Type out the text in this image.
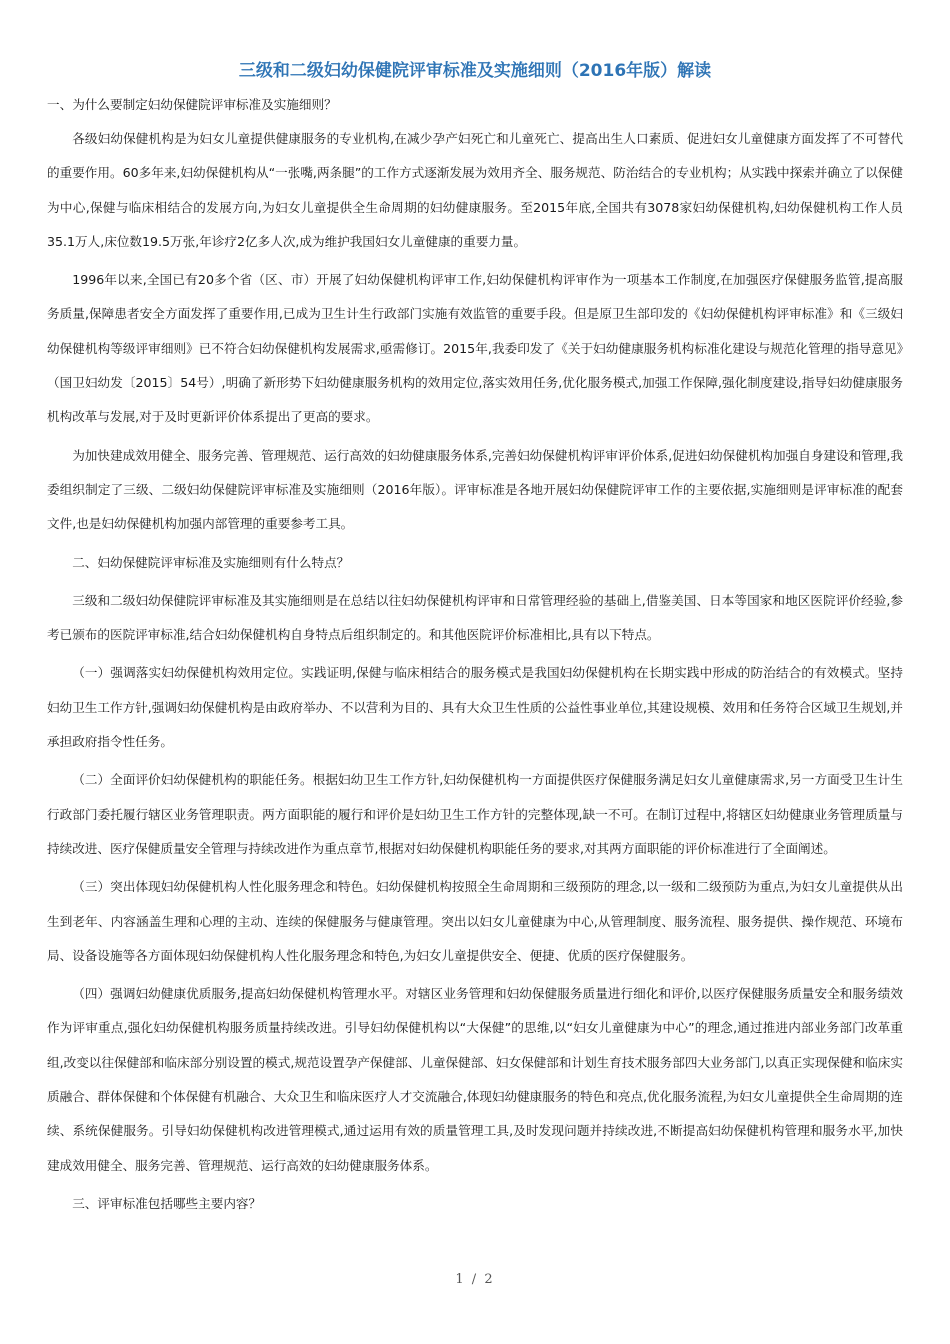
三级和二级妇幼保健院评审标准及实施细则（2016年版）解读

一、为什么要制定妇幼保健院评审标准及实施细则？

各级妇幼保健机构是为妇女儿童提供健康服务的专业机构,在减少孕产妇死亡和儿童死亡、提高出生人口素质、促进妇女儿童健康方面发挥了不可替代的重要作用。60多年来,妇幼保健机构从“一张嘴,两条腿”的工作方式逐渐发展为效用齐全、服务规范、防治结合的专业机构；从实践中探索并确立了以保健为中心,保健与临床相结合的发展方向,为妇女儿童提供全生命周期的妇幼健康服务。至2015年底,全国共有3078家妇幼保健机构,妇幼保健机构工作人员35.1万人,床位数19.5万张,年诊疗2亿多人次,成为维护我国妇女儿童健康的重要力量。

1996年以来,全国已有20多个省（区、市）开展了妇幼保健机构评审工作,妇幼保健机构评审作为一项基本工作制度,在加强医疗保健服务监管,提高服务质量,保障患者安全方面发挥了重要作用,已成为卫生计生行政部门实施有效监管的重要手段。但是原卫生部印发的《妇幼保健机构评审标准》和《三级妇幼保健机构等级评审细则》已不符合妇幼保健机构发展需求,亟需修订。2015年,我委印发了《关于妇幼健康服务机构标准化建设与规范化管理的指导意见》（国卫妇幼发〔2015〕54号）,明确了新形势下妇幼健康服务机构的效用定位,落实效用任务,优化服务模式,加强工作保障,强化制度建设,指导妇幼健康服务机构改革与发展,对于及时更新评价体系提出了更高的要求。

为加快建成效用健全、服务完善、管理规范、运行高效的妇幼健康服务体系,完善妇幼保健机构评审评价体系,促进妇幼保健机构加强自身建设和管理,我委组织制定了三级、二级妇幼保健院评审标准及实施细则（2016年版）。评审标准是各地开展妇幼保健院评审工作的主要依据,实施细则是评审标准的配套文件,也是妇幼保健机构加强内部管理的重要参考工具。

二、妇幼保健院评审标准及实施细则有什么特点？

三级和二级妇幼保健院评审标准及其实施细则是在总结以往妇幼保健机构评审和日常管理经验的基础上,借鉴美国、日本等国家和地区医院评价经验,参考已颁布的医院评审标准,结合妇幼保健机构自身特点后组织制定的。和其他医院评价标准相比,具有以下特点。

（一）强调落实妇幼保健机构效用定位。实践证明,保健与临床相结合的服务模式是我国妇幼保健机构在长期实践中形成的防治结合的有效模式。坚持妇幼卫生工作方针,强调妇幼保健机构是由政府举办、不以营利为目的、具有大众卫生性质的公益性事业单位,其建设规模、效用和任务符合区域卫生规划,并承担政府指令性任务。

（二）全面评价妇幼保健机构的职能任务。根据妇幼卫生工作方针,妇幼保健机构一方面提供医疗保健服务满足妇女儿童健康需求,另一方面受卫生计生行政部门委托履行辖区业务管理职责。两方面职能的履行和评价是妇幼卫生工作方针的完整体现,缺一不可。在制订过程中,将辖区妇幼健康业务管理质量与持续改进、医疗保健质量安全管理与持续改进作为重点章节,根据对妇幼保健机构职能任务的要求,对其两方面职能的评价标准进行了全面阐述。

（三）突出体现妇幼保健机构人性化服务理念和特色。妇幼保健机构按照全生命周期和三级预防的理念,以一级和二级预防为重点,为妇女儿童提供从出生到老年、内容涵盖生理和心理的主动、连续的保健服务与健康管理。突出以妇女儿童健康为中心,从管理制度、服务流程、服务提供、操作规范、环境布局、设备设施等各方面体现妇幼保健机构人性化服务理念和特色,为妇女儿童提供安全、便捷、优质的医疗保健服务。

（四）强调妇幼健康优质服务,提高妇幼保健机构管理水平。对辖区业务管理和妇幼保健服务质量进行细化和评价,以医疗保健服务质量安全和服务绩效作为评审重点,强化妇幼保健机构服务质量持续改进。引导妇幼保健机构以“大保健”的思维,以“妇女儿童健康为中心”的理念,通过推进内部业务部门改革重组,改变以往保健部和临床部分别设置的模式,规范设置孕产保健部、儿童保健部、妇女保健部和计划生育技术服务部四大业务部门,以真正实现保健和临床实质融合、群体保健和个体保健有机融合、大众卫生和临床医疗人才交流融合,体现妇幼健康服务的特色和亮点,优化服务流程,为妇女儿童提供全生命周期的连续、系统保健服务。引导妇幼保健机构改进管理模式,通过运用有效的质量管理工具,及时发现问题并持续改进,不断提高妇幼保健机构管理和服务水平,加快建成效用健全、服务完善、管理规范、运行高效的妇幼健康服务体系。

三、评审标准包括哪些主要内容？

1 / 2
